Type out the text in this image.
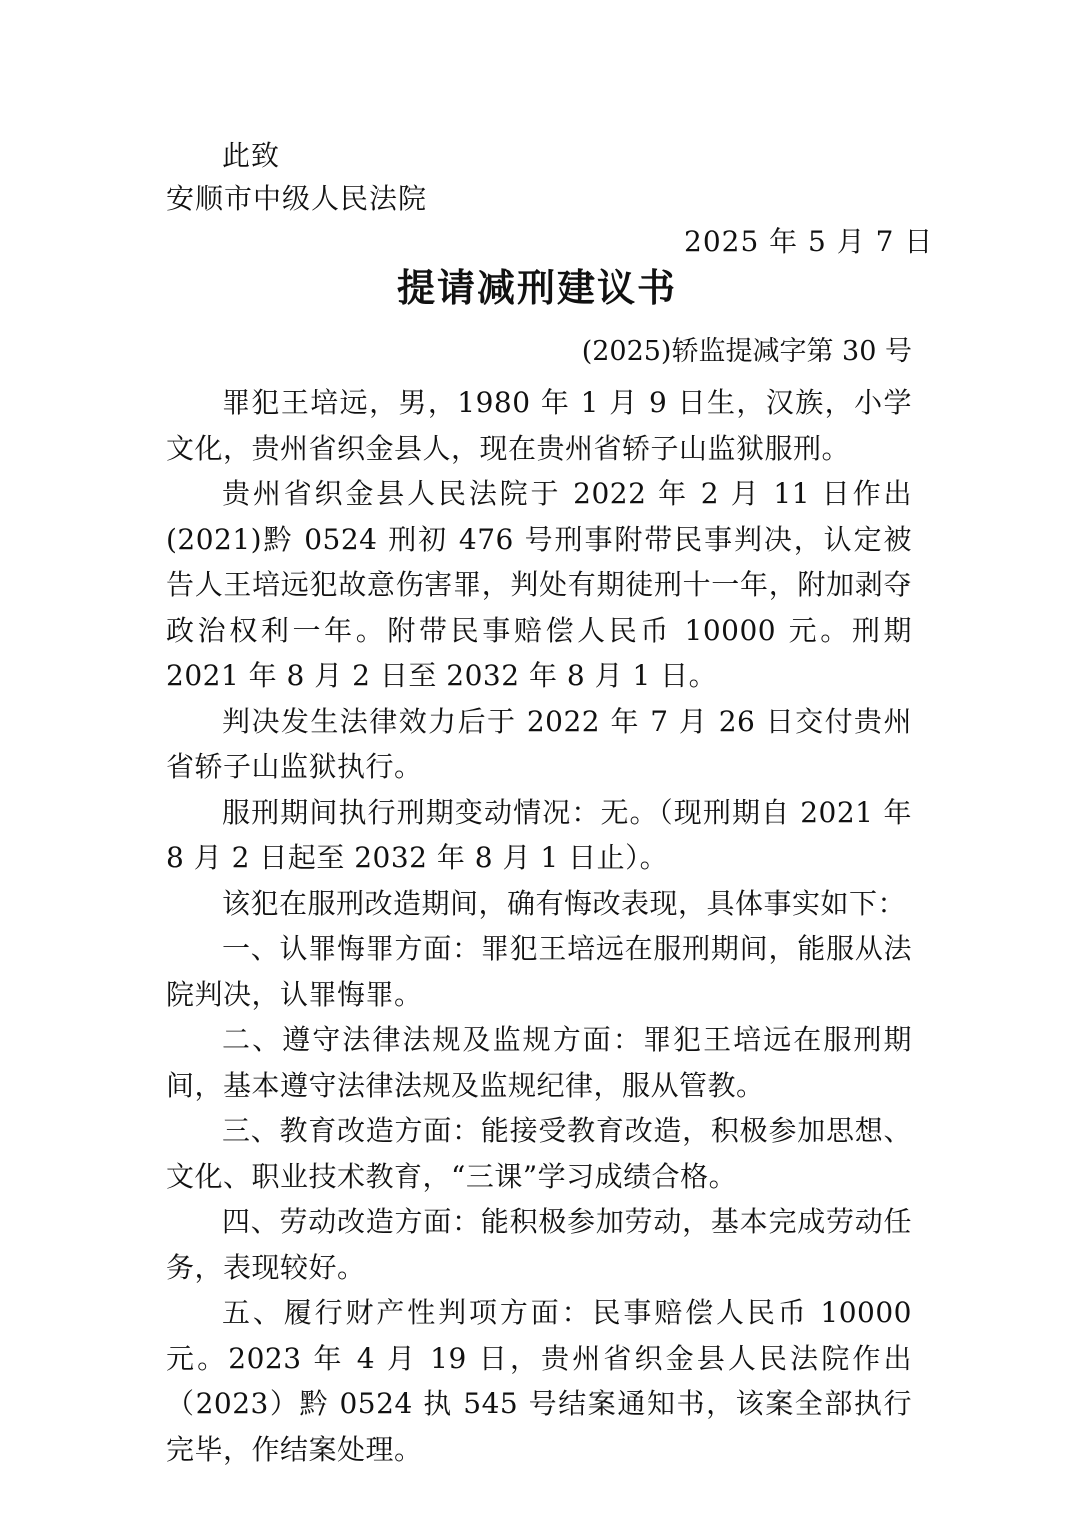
此致
安顺市中级人民法院
2025 年 5 月 7 日
提请减刑建议书
(2025)轿监提减字第 30 号

罪犯王培远，男，1980 年 1 月 9 日生，汉族，小学文化，贵州省织金县人，现在贵州省轿子山监狱服刑。

贵州省织金县人民法院于 2022 年 2 月 11 日作出(2021)黔 0524 刑初 476 号刑事附带民事判决，认定被告人王培远犯故意伤害罪，判处有期徒刑十一年，附加剥夺政治权利一年。附带民事赔偿人民币 10000 元。刑期 2021 年 8 月 2 日至 2032 年 8 月 1 日。

判决发生法律效力后于 2022 年 7 月 26 日交付贵州省轿子山监狱执行。

服刑期间执行刑期变动情况：无。（现刑期自 2021 年 8 月 2 日起至 2032 年 8 月 1 日止）。

该犯在服刑改造期间，确有悔改表现，具体事实如下：

一、认罪悔罪方面：罪犯王培远在服刑期间，能服从法院判决，认罪悔罪。

二、遵守法律法规及监规方面：罪犯王培远在服刑期间，基本遵守法律法规及监规纪律，服从管教。

三、教育改造方面：能接受教育改造，积极参加思想、文化、职业技术教育，“三课”学习成绩合格。

四、劳动改造方面：能积极参加劳动，基本完成劳动任务，表现较好。

五、履行财产性判项方面：民事赔偿人民币 10000 元。2023 年 4 月 19 日，贵州省织金县人民法院作出（2023）黔 0524 执 545 号结案通知书，该案全部执行完毕，作结案处理。
